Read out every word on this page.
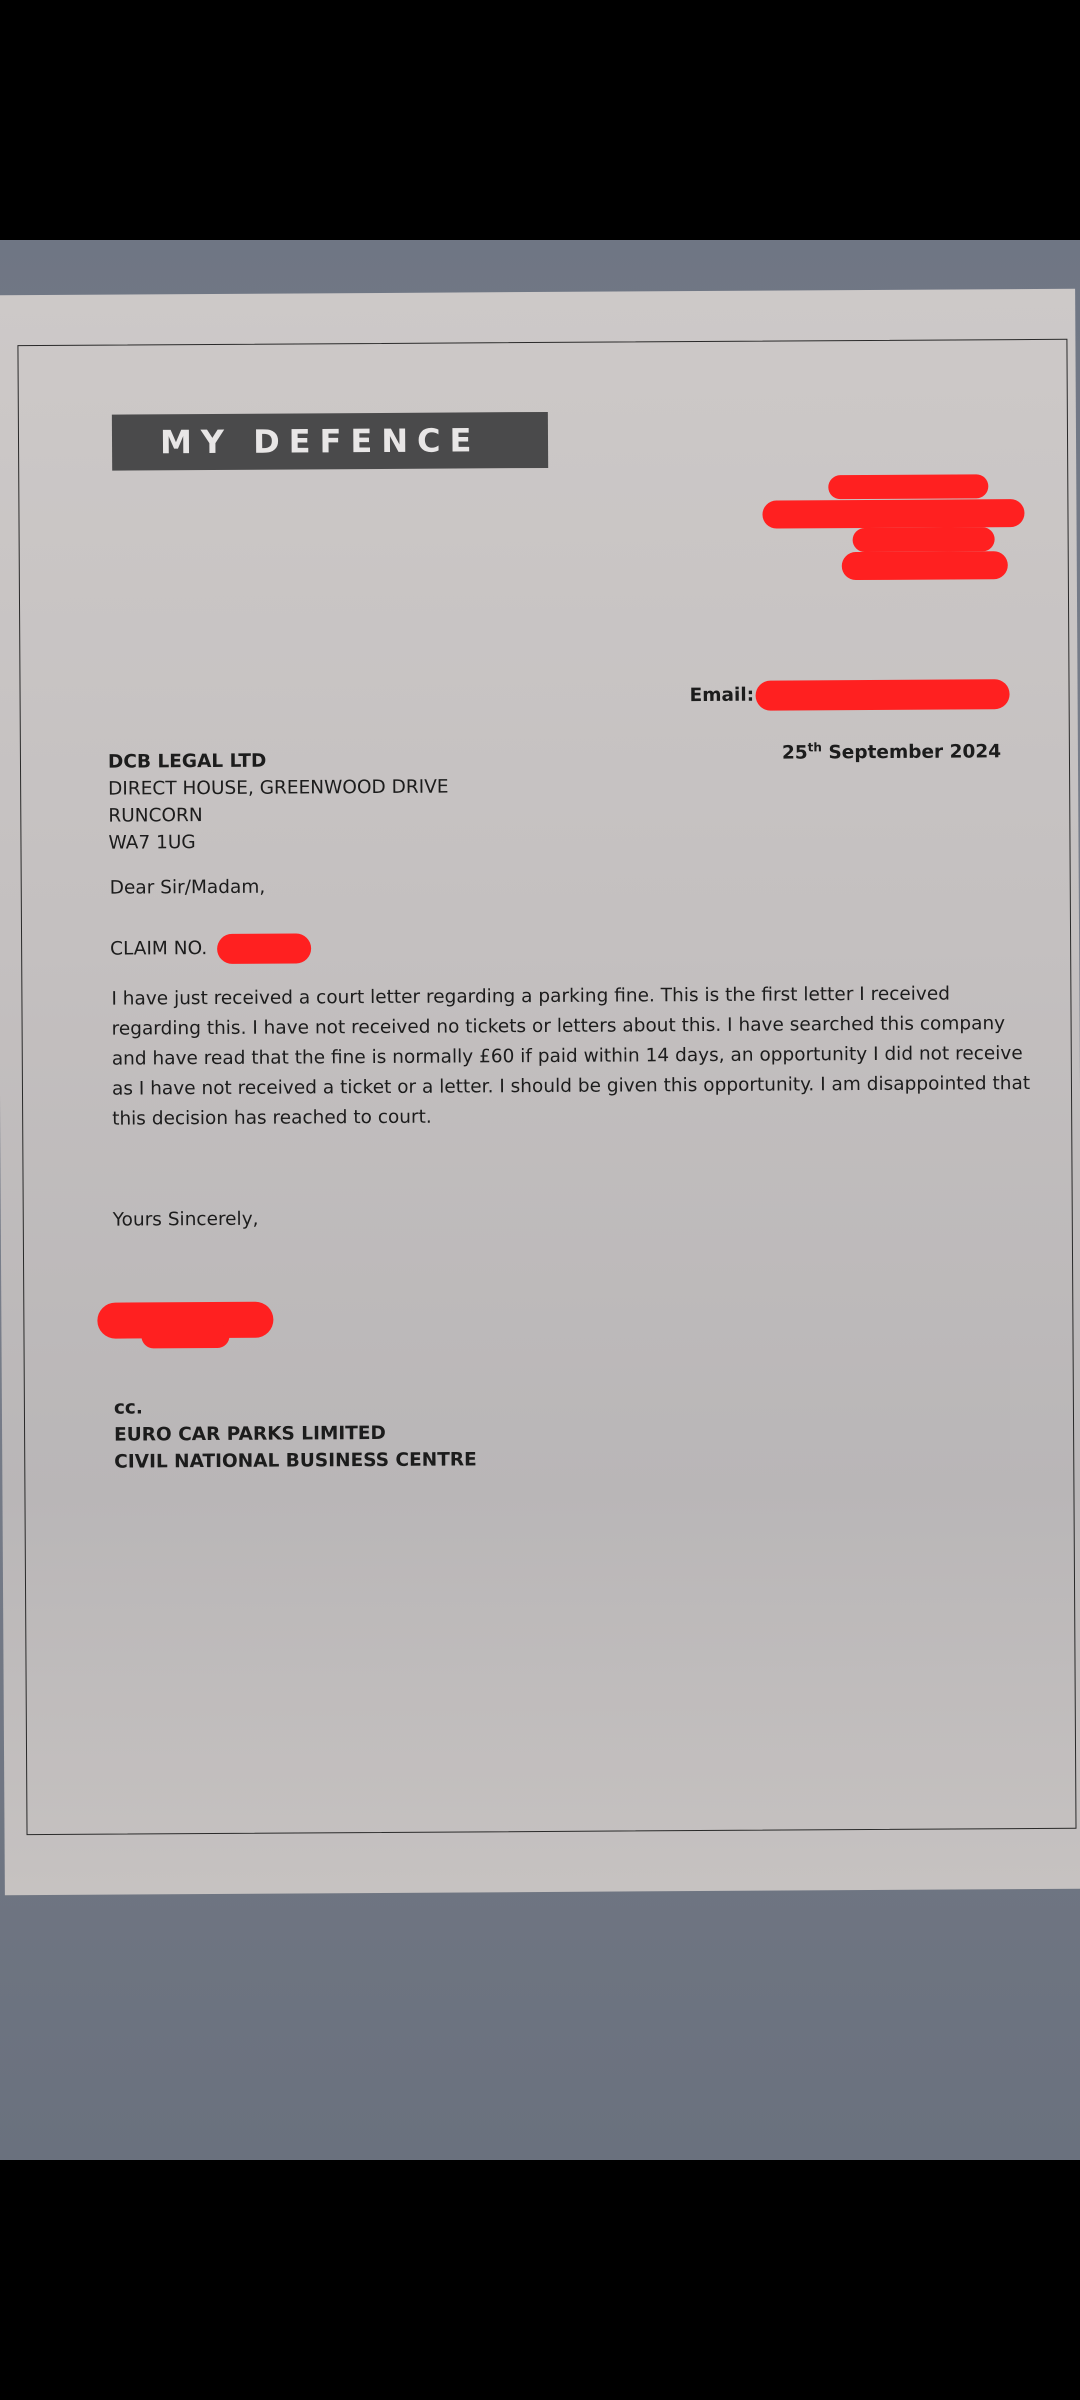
MY DEFENCE
Email:
25th September 2024
DCB LEGAL LTD
DIRECT HOUSE, GREENWOOD DRIVE
RUNCORN
WA7 1UG
Dear Sir/Madam,
CLAIM NO.
I have just received a court letter regarding a parking fine. This is the first letter I received regarding this. I have not received no tickets or letters about this. I have searched this company and have read that the fine is normally £60 if paid within 14 days, an opportunity I did not receive as I have not received a ticket or a letter. I should be given this opportunity. I am disappointed that this decision has reached to court.
Yours Sincerely,
cc.
EURO CAR PARKS LIMITED
CIVIL NATIONAL BUSINESS CENTRE
